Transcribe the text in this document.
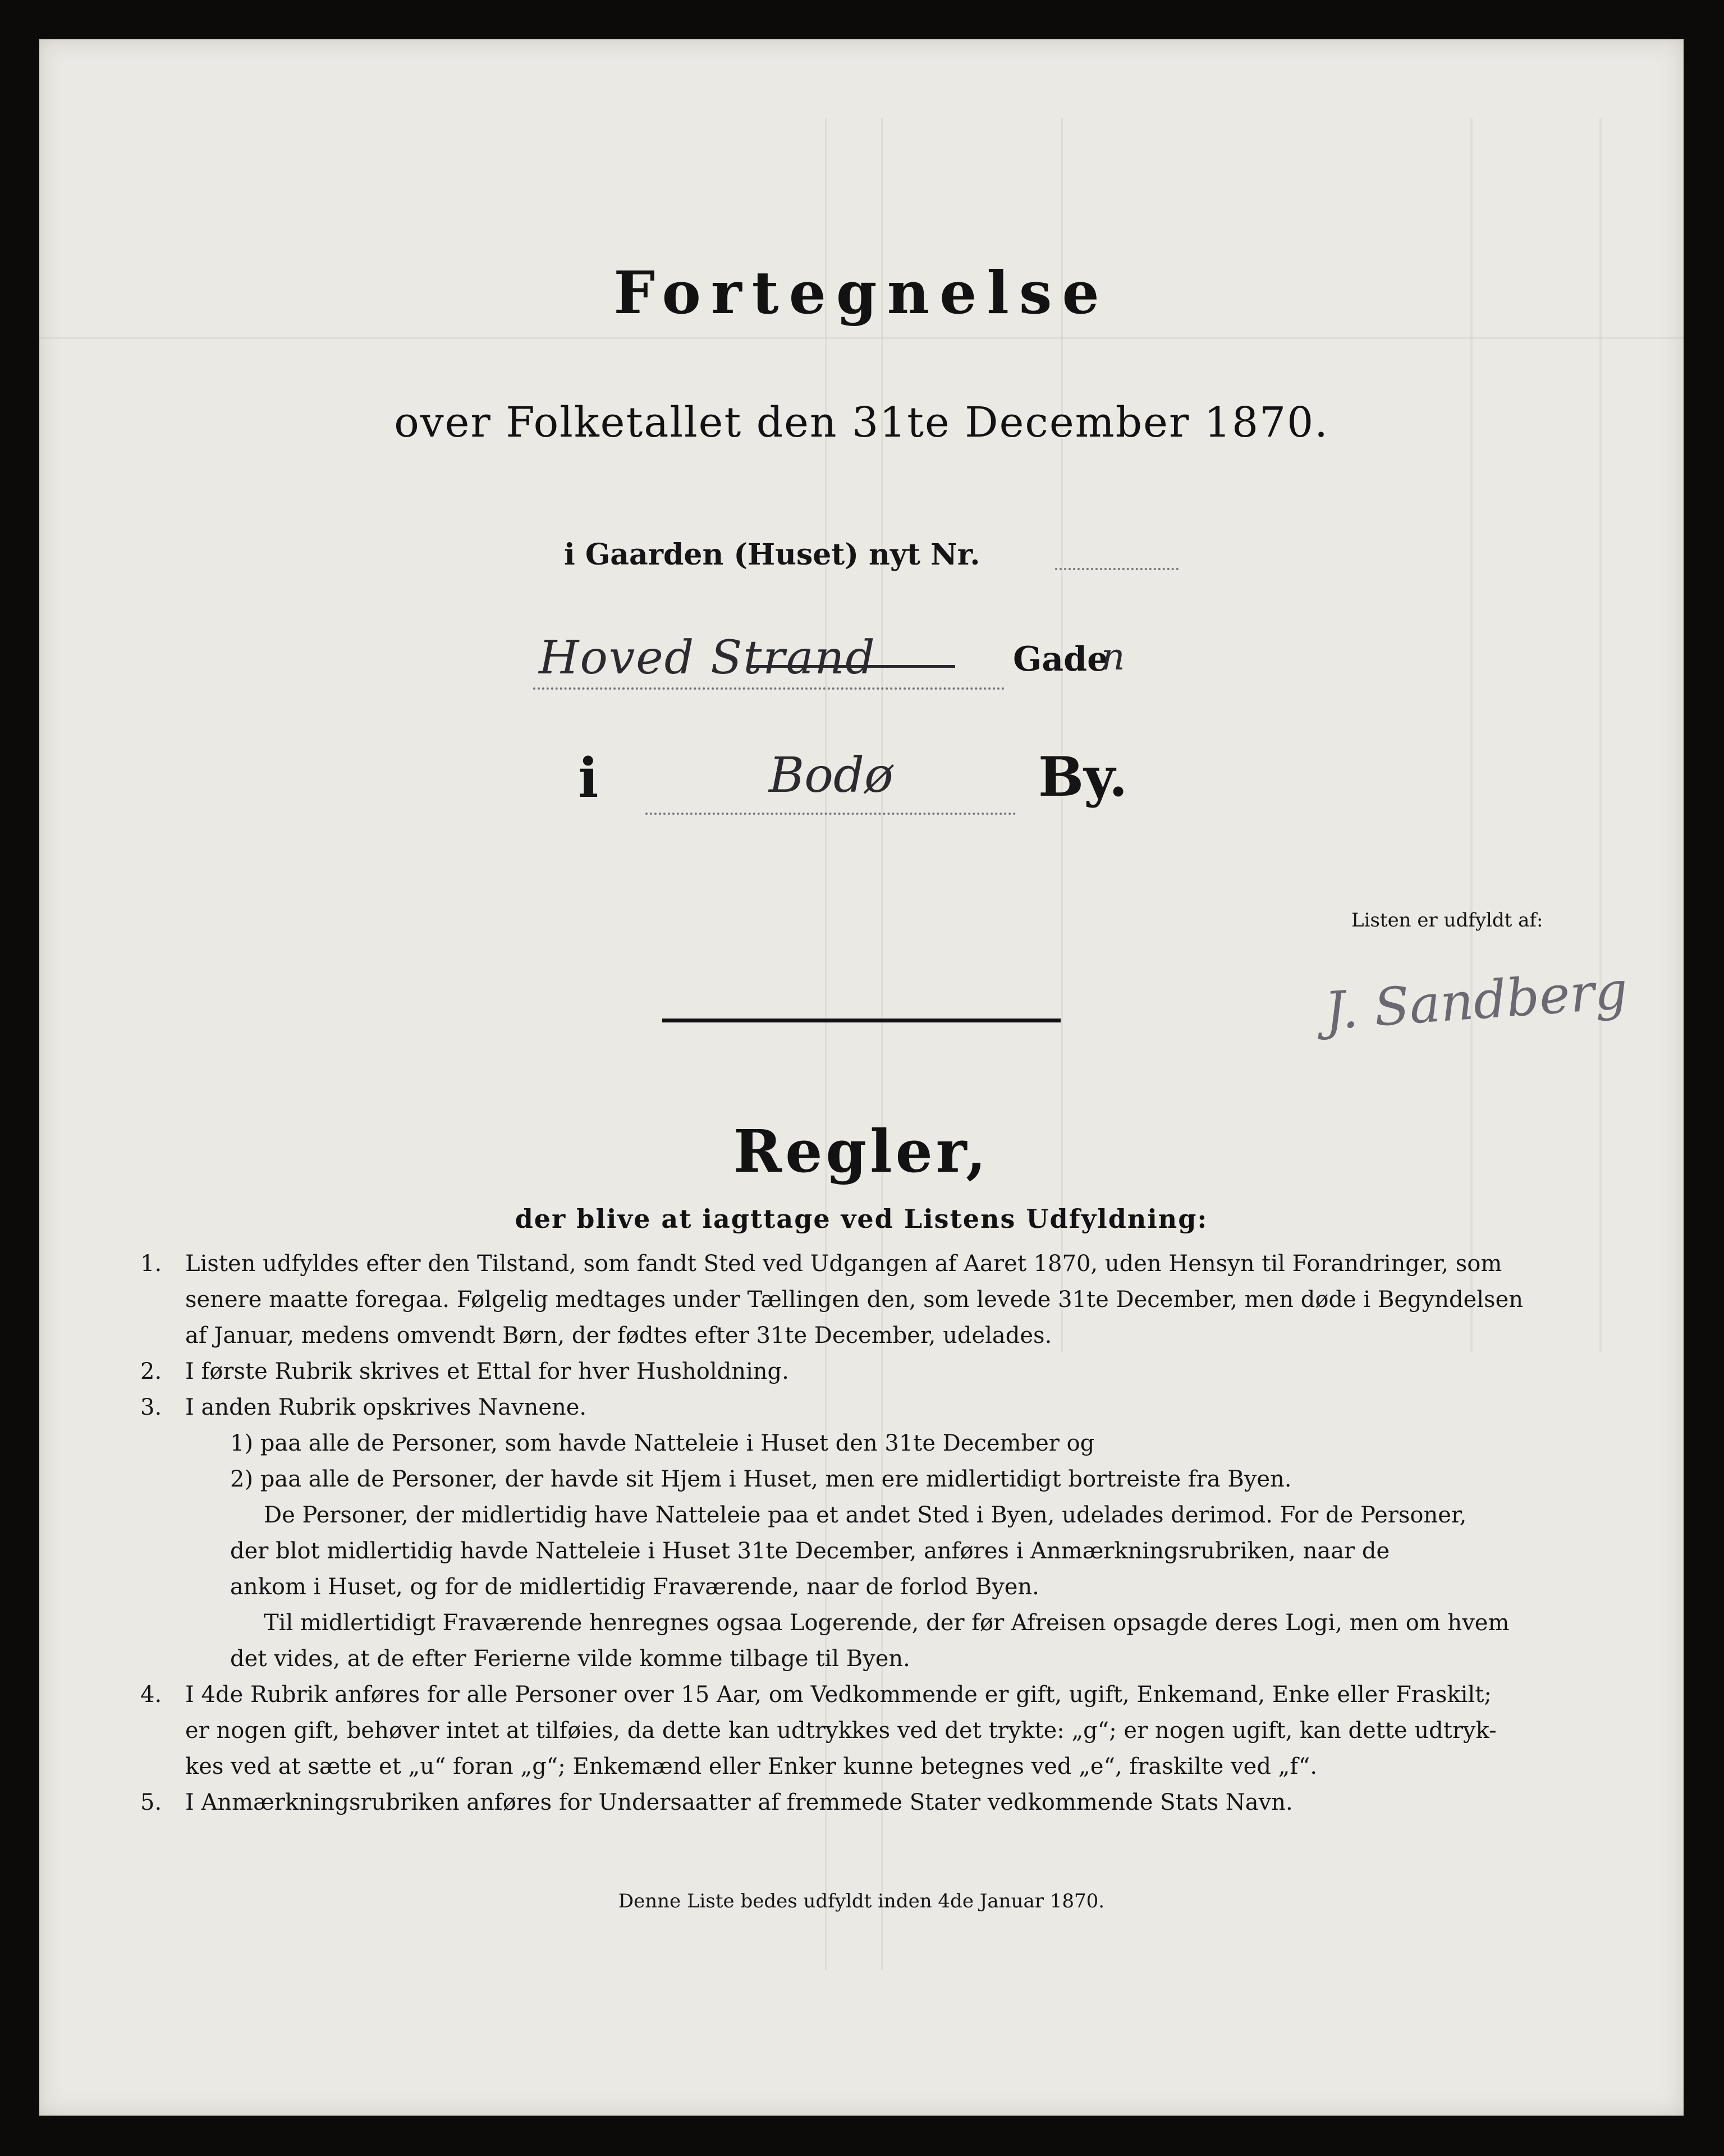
Fortegnelse
over Folketallet den 31te December 1870.
i Gaarden (Huset) nyt Nr.
Hoved Strand	Gade
n
i	Bodø	By.
Listen er udfyldt af:
J. Sandberg
Regler,
der blive at iagttage ved Listens Udfyldning:
1. Listen udfyldes efter den Tilstand, som fandt Sted ved Udgangen af Aaret 1870, uden Hensyn til Forandringer, som
senere maatte foregaa. Følgelig medtages under Tællingen den, som levede 31te December, men døde i Begyndelsen
af Januar, medens omvendt Børn, der fødtes efter 31te December, udelades.
2. I første Rubrik skrives et Ettal for hver Husholdning.
3. I anden Rubrik opskrives Navnene.
1) paa alle de Personer, som havde Natteleie i Huset den 31te December og
2) paa alle de Personer, der havde sit Hjem i Huset, men ere midlertidigt bortreiste fra Byen.
De Personer, der midlertidig have Natteleie paa et andet Sted i Byen, udelades derimod. For de Personer,
der blot midlertidig havde Natteleie i Huset 31te December, anføres i Anmærkningsrubriken, naar de
ankom i Huset, og for de midlertidig Fraværende, naar de forlod Byen.
Til midlertidigt Fraværende henregnes ogsaa Logerende, der før Afreisen opsagde deres Logi, men om hvem
det vides, at de efter Ferierne vilde komme tilbage til Byen.
4. I 4de Rubrik anføres for alle Personer over 15 Aar, om Vedkommende er gift, ugift, Enkemand, Enke eller Fraskilt;
er nogen gift, behøver intet at tilføies, da dette kan udtrykkes ved det trykte: „g“; er nogen ugift, kan dette udtryk-
kes ved at sætte et „u“ foran „g“; Enkemænd eller Enker kunne betegnes ved „e“, fraskilte ved „f“.
5. I Anmærkningsrubriken anføres for Undersaatter af fremmede Stater vedkommende Stats Navn.
Denne Liste bedes udfyldt inden 4de Januar 1870.
